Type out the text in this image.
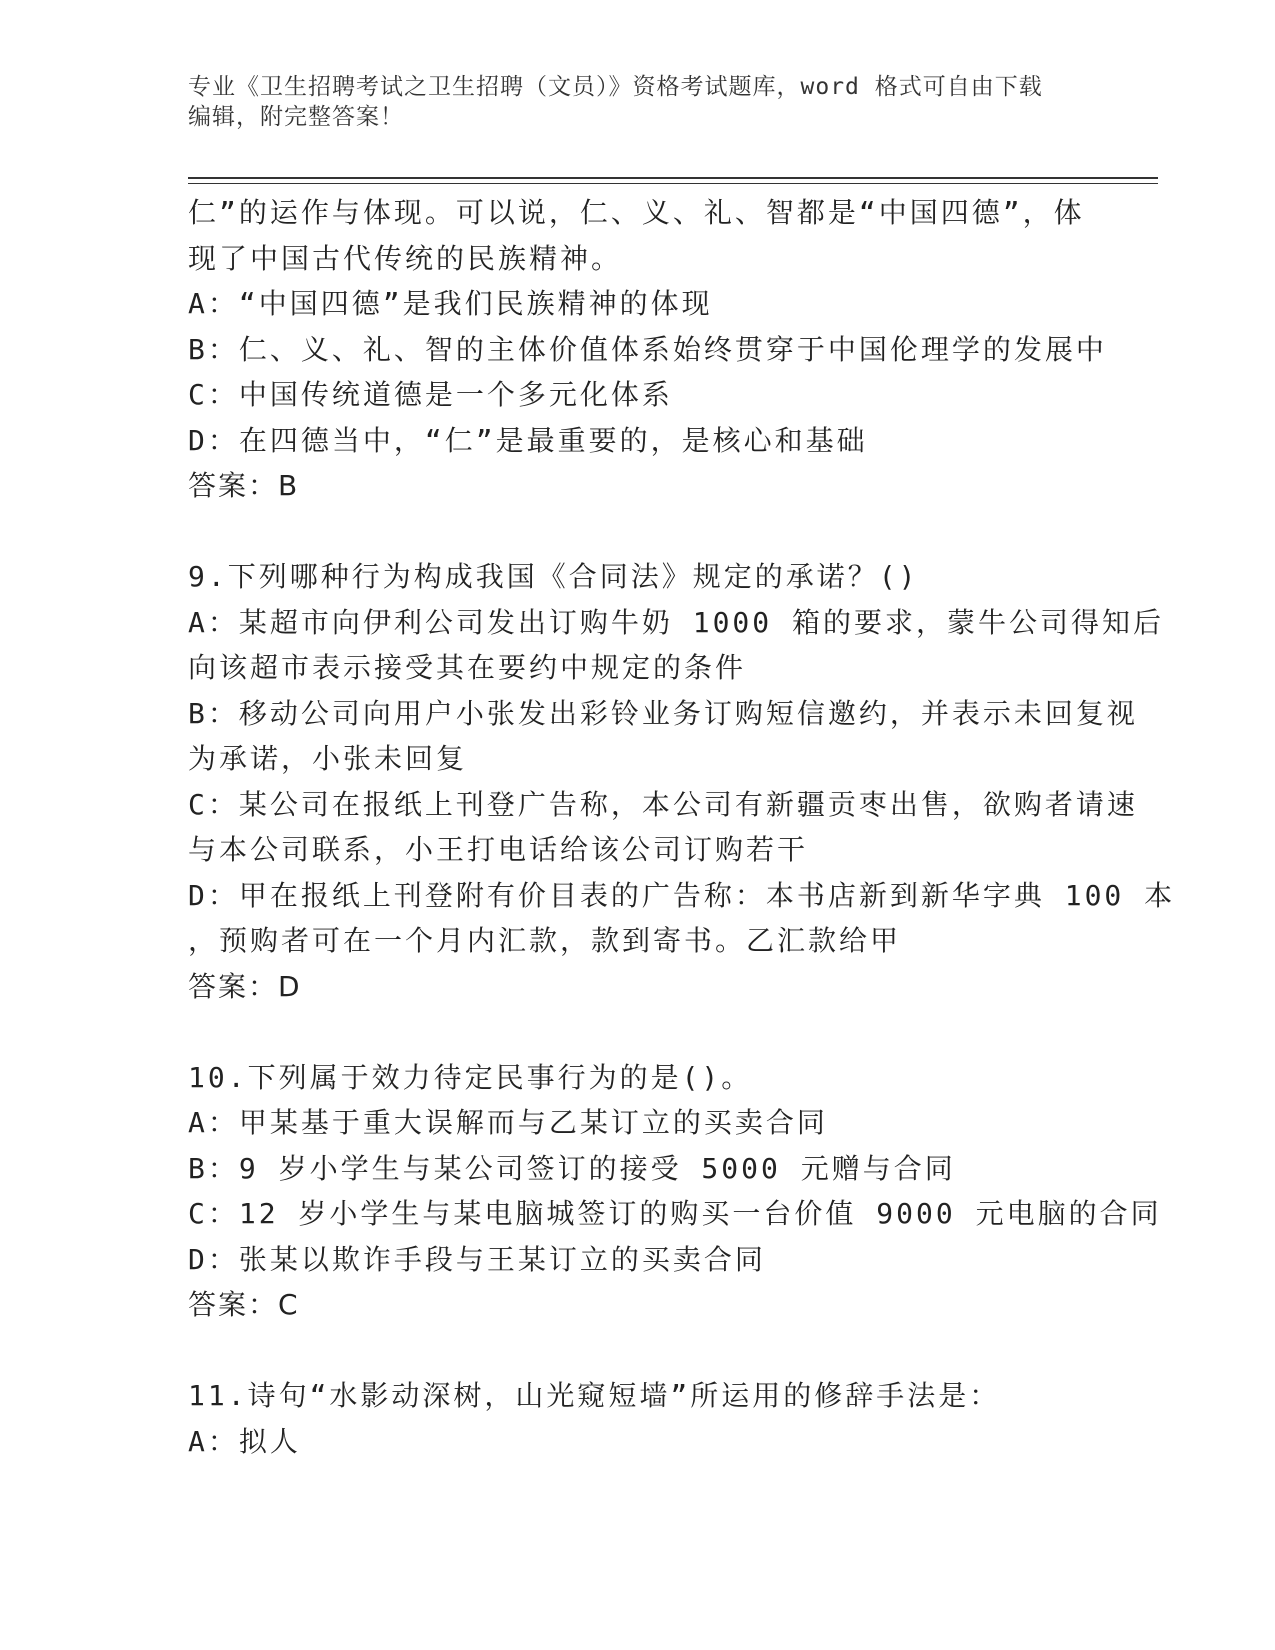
专业《卫生招聘考试之卫生招聘（文员）》资格考试题库，word 格式可自由下载
编辑，附完整答案！
仁”的运作与体现。可以说，仁、义、礼、智都是“中国四德”，体
现了中国古代传统的民族精神。
A：“中国四德”是我们民族精神的体现
B：仁、义、礼、智的主体价值体系始终贯穿于中国伦理学的发展中
C：中国传统道德是一个多元化体系
D：在四德当中，“仁”是最重要的，是核心和基础
答案：B
9.下列哪种行为构成我国《合同法》规定的承诺？()
A：某超市向伊利公司发出订购牛奶 1000 箱的要求，蒙牛公司得知后
向该超市表示接受其在要约中规定的条件
B：移动公司向用户小张发出彩铃业务订购短信邀约，并表示未回复视
为承诺，小张未回复
C：某公司在报纸上刊登广告称，本公司有新疆贡枣出售，欲购者请速
与本公司联系，小王打电话给该公司订购若干
D：甲在报纸上刊登附有价目表的广告称：本书店新到新华字典 100 本
，预购者可在一个月内汇款，款到寄书。乙汇款给甲
答案：D
10.下列属于效力待定民事行为的是()。
A：甲某基于重大误解而与乙某订立的买卖合同
B：9 岁小学生与某公司签订的接受 5000 元赠与合同
C：12 岁小学生与某电脑城签订的购买一台价值 9000 元电脑的合同
D：张某以欺诈手段与王某订立的买卖合同
答案：C
11.诗句“水影动深树，山光窥短墙”所运用的修辞手法是：
A：拟人
